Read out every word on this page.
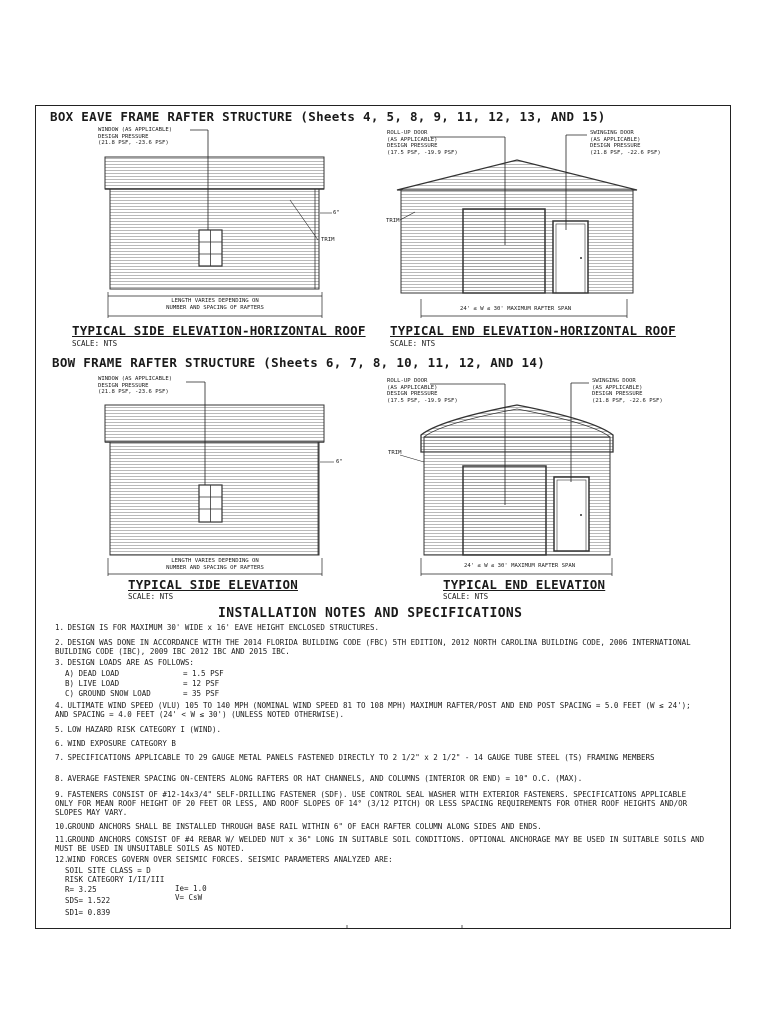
BOX EAVE FRAME RAFTER STRUCTURE (Sheets 4, 5, 8, 9, 11, 12, 13, AND 15)
BOW FRAME RAFTER STRUCTURE (Sheets 6, 7, 8, 10, 11, 12, AND 14)
WINDOW (AS APPLICABLE)
DESIGN PRESSURE
(21.8 PSF, -23.6 PSF)
6"
TRIM
LENGTH VARIES DEPENDING ON
NUMBER AND SPACING OF RAFTERS
TYPICAL SIDE ELEVATION-HORIZONTAL ROOF
SCALE: NTS
ROLL-UP DOOR
(AS APPLICABLE)
DESIGN PRESSURE
(17.5 PSF, -19.9 PSF)
SWINGING DOOR
(AS APPLICABLE)
DESIGN PRESSURE
(21.8 PSF, -22.6 PSF)
TRIM
24' ≤ W ≤ 30' MAXIMUM RAFTER SPAN
TYPICAL END ELEVATION-HORIZONTAL ROOF
SCALE: NTS
WINDOW (AS APPLICABLE)
DESIGN PRESSURE
(21.8 PSF, -23.6 PSF)
6"
LENGTH VARIES DEPENDING ON
NUMBER AND SPACING OF RAFTERS
TYPICAL SIDE ELEVATION
SCALE: NTS
ROLL-UP DOOR
(AS APPLICABLE)
DESIGN PRESSURE
(17.5 PSF, -19.9 PSF)
SWINGING DOOR
(AS APPLICABLE)
DESIGN PRESSURE
(21.8 PSF, -22.6 PSF)
TRIM
24' ≤ W ≤ 30' MAXIMUM RAFTER SPAN
TYPICAL END ELEVATION
SCALE: NTS
INSTALLATION NOTES AND SPECIFICATIONS
1. DESIGN IS FOR MAXIMUM 30' WIDE x 16' EAVE HEIGHT ENCLOSED STRUCTURES.
2. DESIGN WAS DONE IN ACCORDANCE WITH THE 2014 FLORIDA BUILDING CODE (FBC) 5TH EDITION, 2012 NORTH CAROLINA BUILDING CODE, 2006 INTERNATIONAL BUILDING CODE (IBC), 2009 IBC 2012 IBC AND 2015 IBC.
3. DESIGN LOADS ARE AS FOLLOWS:
A) DEAD LOAD	= 1.5 PSF
B) LIVE LOAD	= 12 PSF
C) GROUND SNOW LOAD	= 35 PSF
4. ULTIMATE WIND SPEED (VLU) 105 TO 140 MPH (NOMINAL WIND SPEED 81 TO 108 MPH) MAXIMUM RAFTER/POST AND END POST SPACING = 5.0 FEET (W ≤ 24'); AND SPACING = 4.0 FEET (24' < W ≤ 30') (UNLESS NOTED OTHERWISE).
5. LOW HAZARD RISK CATEGORY I (WIND).
6. WIND EXPOSURE CATEGORY B
7. SPECIFICATIONS APPLICABLE TO 29 GAUGE METAL PANELS FASTENED DIRECTLY TO 2 1/2" x 2 1/2" - 14 GAUGE TUBE STEEL (TS) FRAMING MEMBERS
8. AVERAGE FASTENER SPACING ON-CENTERS ALONG RAFTERS OR HAT CHANNELS, AND COLUMNS (INTERIOR OR END) = 10" O.C. (MAX).
9. FASTENERS CONSIST OF #12-14x3/4" SELF-DRILLING FASTENER (SDF). USE CONTROL SEAL WASHER WITH EXTERIOR FASTENERS. SPECIFICATIONS APPLICABLE ONLY FOR MEAN ROOF HEIGHT OF 20 FEET OR LESS, AND ROOF SLOPES OF 14° (3/12 PITCH) OR LESS SPACING REQUIREMENTS FOR OTHER ROOF HEIGHTS AND/OR SLOPES MAY VARY.
10. GROUND ANCHORS SHALL BE INSTALLED THROUGH BASE RAIL WITHIN 6" OF EACH RAFTER COLUMN ALONG SIDES AND ENDS.
11. GROUND ANCHORS CONSIST OF #4 REBAR W/ WELDED NUT x 36" LONG IN SUITABLE SOIL CONDITIONS. OPTIONAL ANCHORAGE MAY BE USED IN SUITABLE SOILS AND MUST BE USED IN UNSUITABLE SOILS AS NOTED.
12. WIND FORCES GOVERN OVER SEISMIC FORCES. SEISMIC PARAMETERS ANALYZED ARE:
SOIL SITE CLASS = D
RISK CATEGORY I/II/III
R= 3.25	Ie= 1.0
SDS= 1.522	V= CsW
SD1= 0.839
